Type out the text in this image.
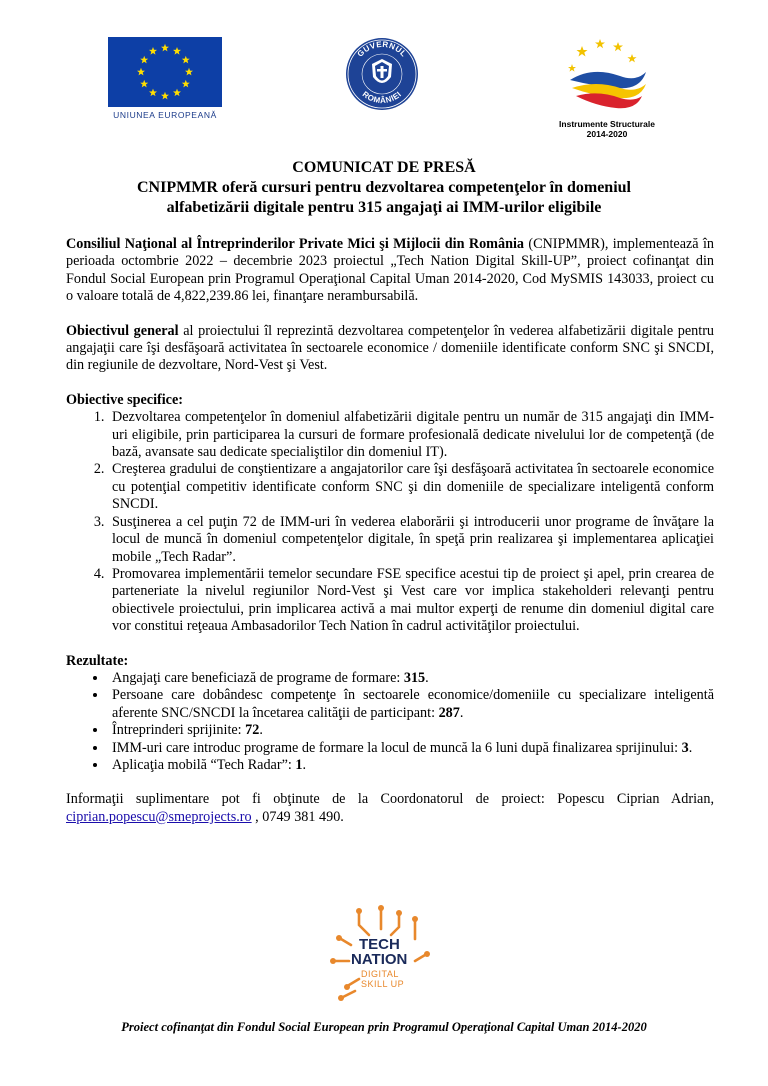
UNIUNEA EUROPEANĂ
GUVERNUL
ROMÂNIEI
Instrumente Structurale
2014-2020
COMUNICAT DE PRESĂ
CNIPMMR oferă cursuri pentru dezvoltarea competenţelor în domeniul
alfabetizării digitale pentru 315 angajaţi ai IMM-urilor eligibile

Consiliul Naţional al Întreprinderilor Private Mici şi Mijlocii din România (CNIPMMR), implementează în perioada octombrie 2022 – decembrie 2023 proiectul „Tech Nation Digital Skill-UP”, proiect cofinanţat din Fondul Social European prin Programul Operaţional Capital Uman 2014-2020, Cod MySMIS 143033, proiect cu o valoare totală de 4,822,239.86 lei, finanţare nerambursabilă.

Obiectivul general al proiectului îl reprezintă dezvoltarea competenţelor în vederea alfabetizării digitale pentru angajaţii care îşi desfăşoară activitatea în sectoarele economice / domeniile identificate conform SNC şi SNCDI, din regiunile de dezvoltare, Nord-Vest şi Vest.

Obiective specifice:

1. Dezvoltarea competenţelor în domeniul alfabetizării digitale pentru un număr de 315 angajaţi din IMM-uri eligibile, prin participarea la cursuri de formare profesională dedicate nivelului lor de competenţă (de bază, avansate sau dedicate specialiştilor din domeniul IT).
2. Creşterea gradului de conştientizare a angajatorilor care îşi desfăşoară activitatea în sectoarele economice cu potenţial competitiv identificate conform SNC şi din domeniile de specializare inteligentă conform SNCDI.
3. Susţinerea a cel puţin 72 de IMM-uri în vederea elaborării şi introducerii unor programe de învăţare la locul de muncă în domeniul competenţelor digitale, în speţă prin realizarea şi implementarea aplicaţiei mobile „Tech Radar”.
4. Promovarea implementării temelor secundare FSE specifice acestui tip de proiect şi apel, prin crearea de parteneriate la nivelul regiunilor Nord-Vest şi Vest care vor implica stakeholderi relevanţi pentru obiectivele proiectului, prin implicarea activă a mai multor experţi de renume din domeniul digital care vor constitui reţeaua Ambasadorilor Tech Nation în cadrul activităţilor proiectului.

Rezultate:

• Angajaţi care beneficiază de programe de formare: 315.
• Persoane care dobândesc competenţe în sectoarele economice/domeniile cu specializare inteligentă aferente SNC/SNCDI la încetarea calităţii de participant: 287.
• Întreprinderi sprijinite: 72.
• IMM-uri care introduc programe de formare la locul de muncă la 6 luni după finalizarea sprijinului: 3.
• Aplicaţia mobilă “Tech Radar”: 1.

Informaţii suplimentare pot fi obţinute de la Coordonatorul de proiect: Popescu Ciprian Adrian, ciprian.popescu@smeprojects.ro , 0749 381 490.

TECH
NATION
DIGITAL
SKILL UP
Proiect cofinanţat din Fondul Social European prin Programul Operaţional Capital Uman 2014-2020
